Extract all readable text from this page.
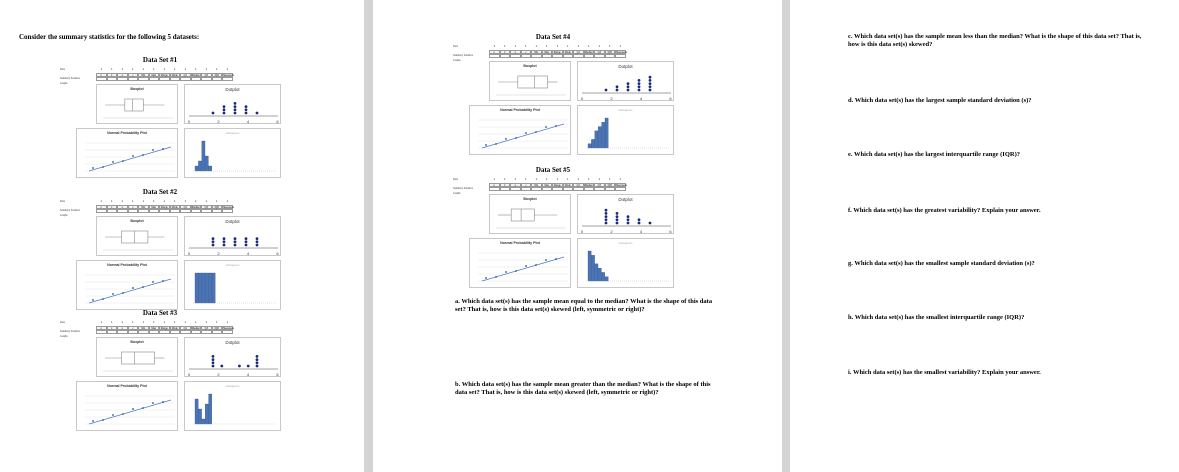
Consider the summary statistics for the following 5 datasets:
Data Set #1
Data
Summary Statistics
Graphs
1	1	1	1	1	1	1	1	1	1	1	1	1
n	x̄	s	√	Min	Max	Range	Mode	Q1	Median	Q3	IQR	Skewness
Boxplot	Dotplot
0	2	4	6
Normal Probability Plot	Histogram
Data Set #2
Data
Summary Statistics
Graphs
1	1	1	1	1	1	1	1	1	1	1	1	1
n	x̄	s	√	Min	Max	Range	Mode	Q1	Median	Q3	IQR	Skewness
Boxplot	Dotplot
0	2	4	6
Normal Probability Plot	Histogram
Data Set #3
Data
Summary Statistics
Graphs
1	1	1	1	1	1	1	1	1	1	1	1	1
n	x̄	s	√	Min	Max	Range	Mode	Q1	Median	Q3	IQR	Skewness
Boxplot	Dotplot
0	2	4	6
Normal Probability Plot	Histogram
Data Set #4
Data
Summary Statistics
Graphs
1	1	1	1	1	1	1	1	1	1	1	1	1
n	x̄	s	√	Min	Max	Range	Mode	Q1	Median	Q3	IQR	Skewness
Boxplot	Dotplot
0	2	4	6
Normal Probability Plot	Histogram
Data Set #5
Data
Summary Statistics
Graphs
1	1	1	1	1	1	1	1	1	1	1	1	1
n	x̄	s	√	Min	Max	Range	Mode	Q1	Median	Q3	IQR	Skewness
Boxplot	Dotplot
0	2	4	6
Normal Probability Plot	Histogram
a. Which data set(s) has the sample mean equal to the median? What is the shape of this data set? That is, how is this data set(s) skewed (left, symmetric or right)?
b. Which data set(s) has the sample mean greater than the median? What is the shape of this data set? That is, how is this data set(s) skewed (left, symmetric or right)?
c. Which data set(s) has the sample mean less than the median? What is the shape of this data set? That is, how is this data set(s) skewed?
d. Which data set(s) has the largest sample standard deviation (s)?
e. Which data set(s) has the largest interquartile range (IQR)?
f. Which data set(s) has the greatest variability? Explain your answer.
g. Which data set(s) has the smallest sample standard deviation (s)?
h. Which data set(s) has the smallest interquartile range (IQR)?
i. Which data set(s) has the smallest variability? Explain your answer.
